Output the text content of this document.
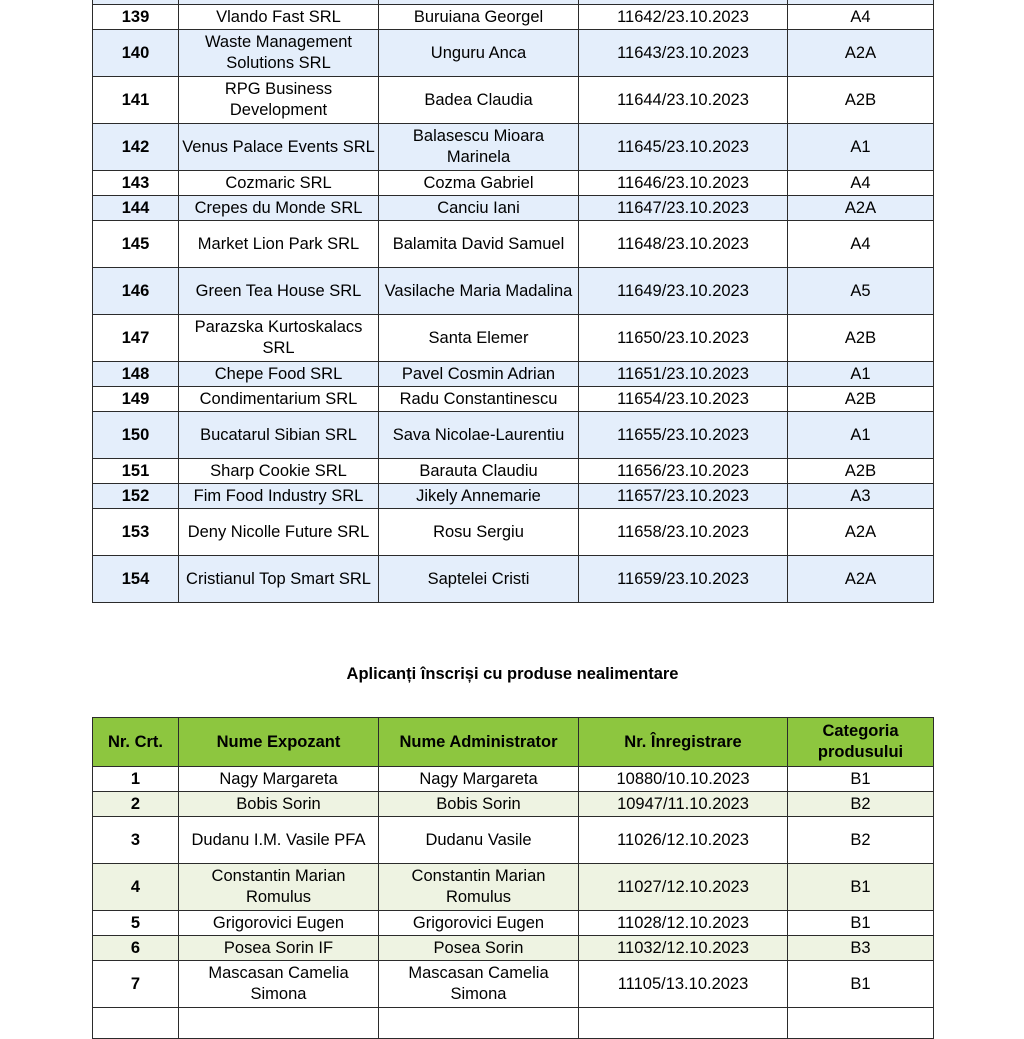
139	Vlando Fast SRL	Buruiana Georgel	11642/23.10.2023	A4
140	Waste Management Solutions SRL	Unguru Anca	11643/23.10.2023	A2A
141	RPG Business Development	Badea Claudia	11644/23.10.2023	A2B
142	Venus Palace Events SRL	Balasescu Mioara Marinela	11645/23.10.2023	A1
143	Cozmaric SRL	Cozma Gabriel	11646/23.10.2023	A4
144	Crepes du Monde SRL	Canciu Iani	11647/23.10.2023	A2A
145	Market Lion Park SRL	Balamita David Samuel	11648/23.10.2023	A4
146	Green Tea House SRL	Vasilache Maria Madalina	11649/23.10.2023	A5
147	Parazska Kurtoskalacs SRL	Santa Elemer	11650/23.10.2023	A2B
148	Chepe Food SRL	Pavel Cosmin Adrian	11651/23.10.2023	A1
149	Condimentarium SRL	Radu Constantinescu	11654/23.10.2023	A2B
150	Bucatarul Sibian SRL	Sava Nicolae-Laurentiu	11655/23.10.2023	A1
151	Sharp Cookie SRL	Barauta Claudiu	11656/23.10.2023	A2B
152	Fim Food Industry SRL	Jikely Annemarie	11657/23.10.2023	A3
153	Deny Nicolle Future SRL	Rosu Sergiu	11658/23.10.2023	A2A
154	Cristianul Top Smart SRL	Saptelei Cristi	11659/23.10.2023	A2A
Aplicanți înscriși cu produse nealimentare
Nr. Crt.	Nume Expozant	Nume Administrator	Nr. Înregistrare	Categoria produsului
1	Nagy Margareta	Nagy Margareta	10880/10.10.2023	B1
2	Bobis Sorin	Bobis Sorin	10947/11.10.2023	B2
3	Dudanu I.M. Vasile PFA	Dudanu Vasile	11026/12.10.2023	B2
4	Constantin Marian Romulus	Constantin Marian Romulus	11027/12.10.2023	B1
5	Grigorovici Eugen	Grigorovici Eugen	11028/12.10.2023	B1
6	Posea Sorin IF	Posea Sorin	11032/12.10.2023	B3
7	Mascasan Camelia Simona	Mascasan Camelia Simona	11105/13.10.2023	B1
